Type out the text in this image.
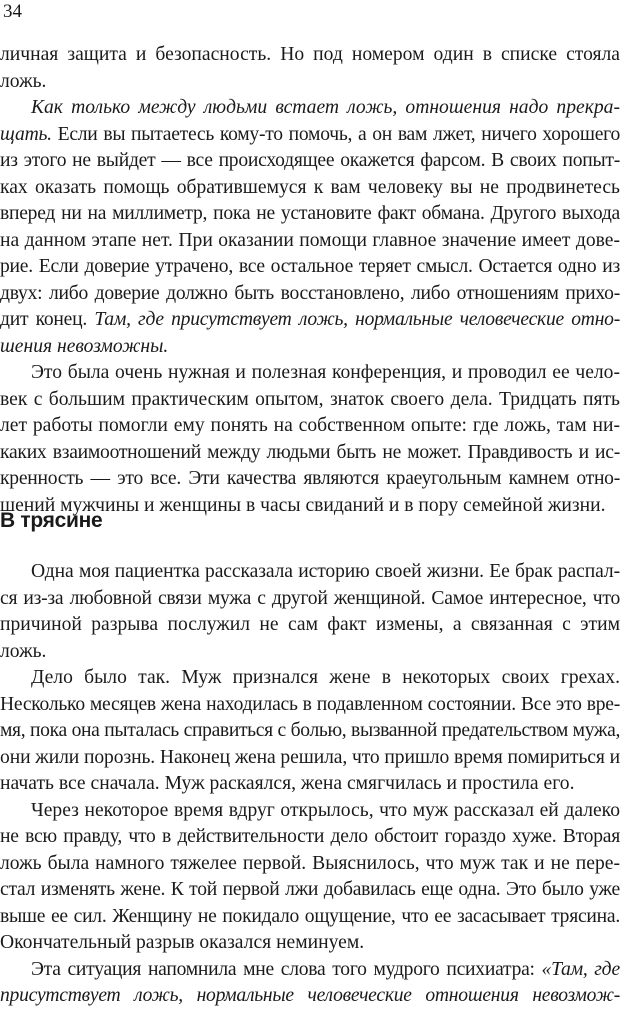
34
личная защита и безопасность. Но под номером один в списке стояла
ложь.
Как только между людьми встает ложь, отношения надо прекра-
щать. Если вы пытаетесь кому-то помочь, а он вам лжет, ничего хорошего
из этого не выйдет — все происходящее окажется фарсом. В своих попыт-
ках оказать помощь обратившемуся к вам человеку вы не продвинетесь
вперед ни на миллиметр, пока не установите факт обмана. Другого выхода
на данном этапе нет. При оказании помощи главное значение имеет дове-
рие. Если доверие утрачено, все остальное теряет смысл. Остается одно из
двух: либо доверие должно быть восстановлено, либо отношениям прихо-
дит конец. Там, где присутствует ложь, нормальные человеческие отно-
шения невозможны.
Это была очень нужная и полезная конференция, и проводил ее чело-
век с большим практическим опытом, знаток своего дела. Тридцать пять
лет работы помогли ему понять на собственном опыте: где ложь, там ни-
каких взаимоотношений между людьми быть не может. Правдивость и ис-
кренность — это все. Эти качества являются краеугольным камнем отно-
шений мужчины и женщины в часы свиданий и в пору семейной жизни.
В трясине
Одна моя пациентка рассказала историю своей жизни. Ее брак распал-
ся из-за любовной связи мужа с другой женщиной. Самое интересное, что
причиной разрыва послужил не сам факт измены, а связанная с этим
ложь.
Дело было так. Муж признался жене в некоторых своих грехах.
Несколько месяцев жена находилась в подавленном состоянии. Все это вре-
мя, пока она пыталась справиться с болью, вызванной предательством мужа,
они жили порознь. Наконец жена решила, что пришло время помириться и
начать все сначала. Муж раскаялся, жена смягчилась и простила его.
Через некоторое время вдруг открылось, что муж рассказал ей далеко
не всю правду, что в действительности дело обстоит гораздо хуже. Вторая
ложь была намного тяжелее первой. Выяснилось, что муж так и не пере-
стал изменять жене. К той первой лжи добавилась еще одна. Это было уже
выше ее сил. Женщину не покидало ощущение, что ее засасывает трясина.
Окончательный разрыв оказался неминуем.
Эта ситуация напомнила мне слова того мудрого психиатра: «Там, где
присутствует ложь, нормальные человеческие отношения невозмож-
